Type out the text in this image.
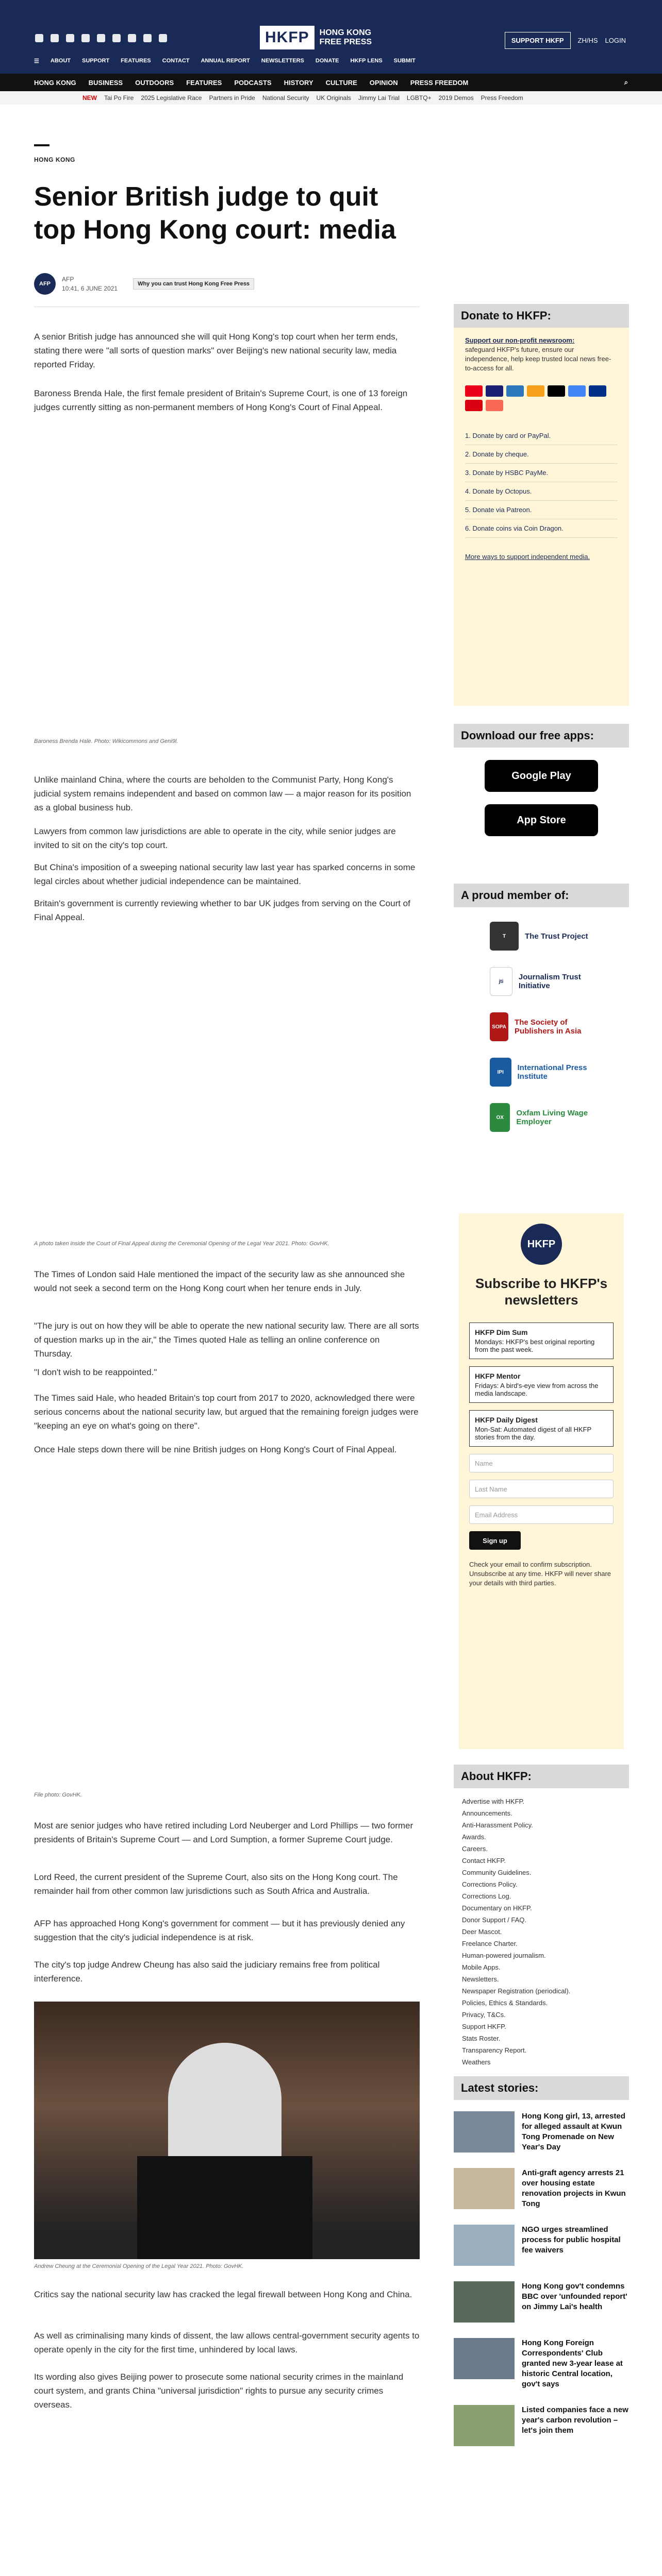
HKFP	HONG KONG
FREE PRESS	SUPPORT HKFP	ZH/HS LOGIN
☰ ABOUT SUPPORT FEATURES CONTACT ANNUAL REPORT NEWSLETTERS DONATE HKFP LENS SUBMIT
HONG KONG BUSINESS OUTDOORS FEATURES PODCASTS HISTORY CULTURE OPINION PRESS FREEDOM	⌕
NEW Tai Po Fire 2025 Legislative Race Partners in Pride National Security UK Originals Jimmy Lai Trial LGBTQ+ 2019 Demos Press Freedom
HONG KONG
Senior British judge to quit top Hong Kong court: media
AFP
AFP
10:41, 6 JUNE 2021
Why you can trust Hong Kong Free Press

A senior British judge has announced she will quit Hong Kong's top court when her term ends, stating there were "all sorts of question marks" over Beijing's new national security law, media reported Friday.

Baroness Brenda Hale, the first female president of Britain's Supreme Court, is one of 13 foreign judges currently sitting as non-permanent members of Hong Kong's Court of Final Appeal.

Baroness Brenda Hale. Photo: Wikicommons and Geni9l.

Unlike mainland China, where the courts are beholden to the Communist Party, Hong Kong's judicial system remains independent and based on common law — a major reason for its position as a global business hub.

Lawyers from common law jurisdictions are able to operate in the city, while senior judges are invited to sit on the city's top court.

But China's imposition of a sweeping national security law last year has sparked concerns in some legal circles about whether judicial independence can be maintained.

Britain's government is currently reviewing whether to bar UK judges from serving on the Court of Final Appeal.

A photo taken inside the Court of Final Appeal during the Ceremonial Opening of the Legal Year 2021. Photo: GovHK.

The Times of London said Hale mentioned the impact of the security law as she announced she would not seek a second term on the Hong Kong court when her tenure ends in July.

"The jury is out on how they will be able to operate the new national security law. There are all sorts of question marks up in the air," the Times quoted Hale as telling an online conference on Thursday.

"I don't wish to be reappointed."

The Times said Hale, who headed Britain's top court from 2017 to 2020, acknowledged there were serious concerns about the national security law, but argued that the remaining foreign judges were "keeping an eye on what's going on there".

Once Hale steps down there will be nine British judges on Hong Kong's Court of Final Appeal.

File photo: GovHK.

Most are senior judges who have retired including Lord Neuberger and Lord Phillips — two former presidents of Britain's Supreme Court — and Lord Sumption, a former Supreme Court judge.

Lord Reed, the current president of the Supreme Court, also sits on the Hong Kong court. The remainder hail from other common law jurisdictions such as South Africa and Australia.

AFP has approached Hong Kong's government for comment — but it has previously denied any suggestion that the city's judicial independence is at risk.

The city's top judge Andrew Cheung has also said the judiciary remains free from political interference.

Andrew Cheung at the Ceremonial Opening of the Legal Year 2021. Photo: GovHK.

Critics say the national security law has cracked the legal firewall between Hong Kong and China.

As well as criminalising many kinds of dissent, the law allows central-government security agents to operate openly in the city for the first time, unhindered by local laws.

Its wording also gives Beijing power to prosecute some national security crimes in the mainland court system, and grants China "universal jurisdiction" rights to pursue any security crimes overseas.

Donate to HKFP:
Support our non-profit newsroom:
safeguard HKFP's future, ensure our independence, help keep trusted local news free-to-access for all.
1. Donate by card or PayPal.
2. Donate by cheque.
3. Donate by HSBC PayMe.
4. Donate by Octopus.
5. Donate via Patreon.
6. Donate coins via Coin Dragon.
More ways to support independent media.
Download our free apps:
Google Play
App Store
A proud member of:
T	The Trust Project
jti	Journalism Trust Initiative
SOPA The Society of Publishers in Asia
IPI	International Press Institute
OX	Oxfam Living Wage Employer
HKFP
Subscribe to HKFP's newsletters
HKFP Dim Sum
Mondays: HKFP's best original reporting from the past week.
HKFP Mentor
Fridays: A bird's-eye view from across the media landscape.
HKFP Daily Digest
Mon-Sat: Automated digest of all HKFP stories from the day.
Name
Last Name
Email Address
Sign up
Check your email to confirm subscription. Unsubscribe at any time. HKFP will never share your details with third parties.
About HKFP:
Advertise with HKFP.
Announcements.
Anti-Harassment Policy.
Awards.
Careers.
Contact HKFP.
Community Guidelines.
Corrections Policy.
Corrections Log.
Documentary on HKFP.
Donor Support / FAQ.
Deer Mascot.
Freelance Charter.
Human-powered journalism.
Mobile Apps.
Newsletters.
Newspaper Registration (periodical).
Policies, Ethics & Standards.
Privacy, T&Cs.
Support HKFP.
Stats Roster.
Transparency Report.
Weathers
Latest stories:
Hong Kong girl, 13, arrested for alleged assault at Kwun Tong Promenade on New Year's Day
Anti-graft agency arrests 21 over housing estate renovation projects in Kwun Tong
NGO urges streamlined process for public hospital fee waivers
Hong Kong gov't condemns BBC over 'unfounded report' on Jimmy Lai's health
Hong Kong Foreign Correspondents' Club granted new 3-year lease at historic Central location, gov't says
Listed companies face a new year's carbon revolution – let's join them
